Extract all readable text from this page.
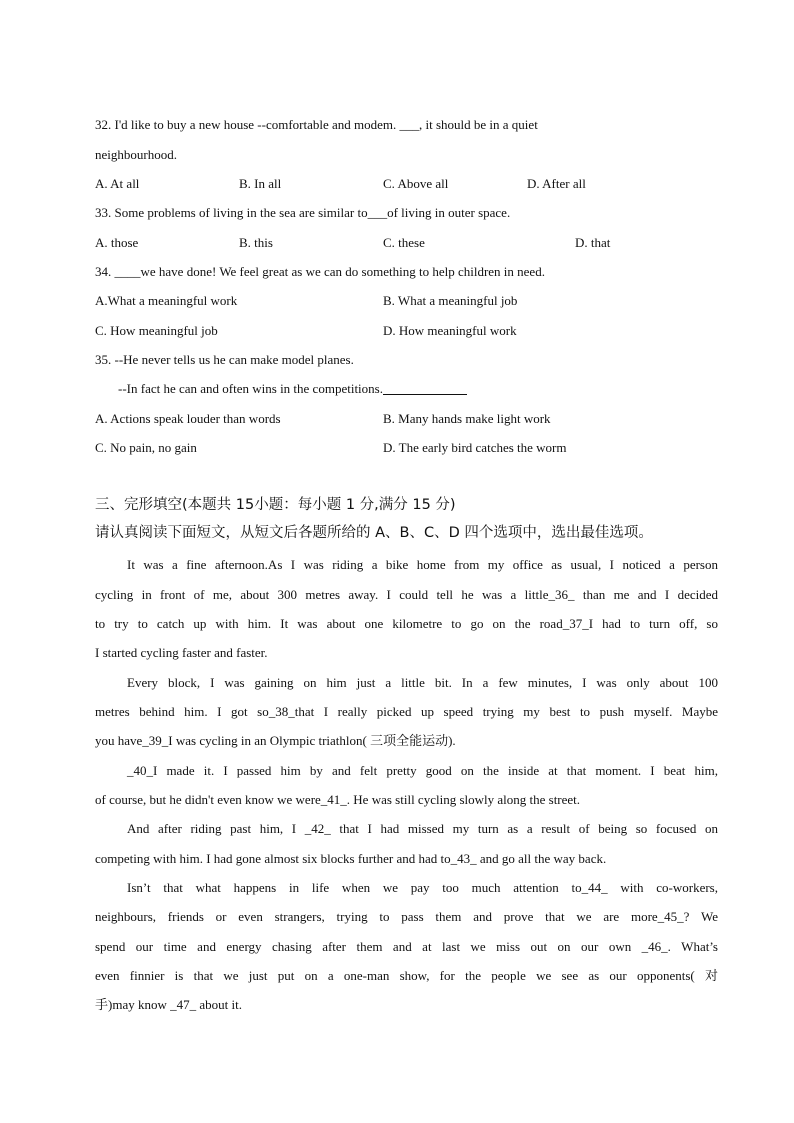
32. I'd like to buy a new house --comfortable and modem. ___, it should be in a quiet
neighbourhood.
A. At all	B. In all	C. Above all	D. After all
33. Some problems of living in the sea are similar to___of living in outer space.
A. those	B. this	C. these	D. that
34. ____we have done! We feel great as we can do something to help children in need.
A.What a meaningful work	B. What a meaningful job
C. How meaningful job	D. How meaningful work
35. --He never tells us he can make model planes.
--In fact he can and often wins in the competitions.
A. Actions speak louder than words	B. Many hands make light work
C. No pain, no gain	D. The early bird catches the worm
三、完形填空(本题共 15小题：每小题 1 分,满分 15 分)
请认真阅读下面短文，从短文后各题所给的 A、B、C、D 四个选项中，选出最佳选项。
It was a fine afternoon.As I was riding a bike home from my office as usual, I noticed a person
cycling in front of me, about 300 metres away. I could tell he was a little_36_ than me and I decided
to try to catch up with him. It was about one kilometre to go on the road_37_I had to turn off, so
I started cycling faster and faster.
Every block, I was gaining on him just a little bit. In a few minutes, I was only about 100
metres behind him. I got so_38_that I really picked up speed trying my best to push myself. Maybe
you have_39_I was cycling in an Olympic triathlon( 三项全能运动).
_40_I made it. I passed him by and felt pretty good on the inside at that moment. I beat him,
of course, but he didn't even know we were_41_. He was still cycling slowly along the street.
And after riding past him, I _42_ that I had missed my turn as a result of being so focused on
competing with him. I had gone almost six blocks further and had to_43_ and go all the way back.
Isn’t that what happens in life when we pay too much attention to_44_ with co-workers,
neighbours, friends or even strangers, trying to pass them and prove that we are more_45_? We
spend our time and energy chasing after them and at last we miss out on our own _46_. What’s
even finnier is that we just put on a one-man show, for the people we see as our opponents( 对
手)may know _47_ about it.
